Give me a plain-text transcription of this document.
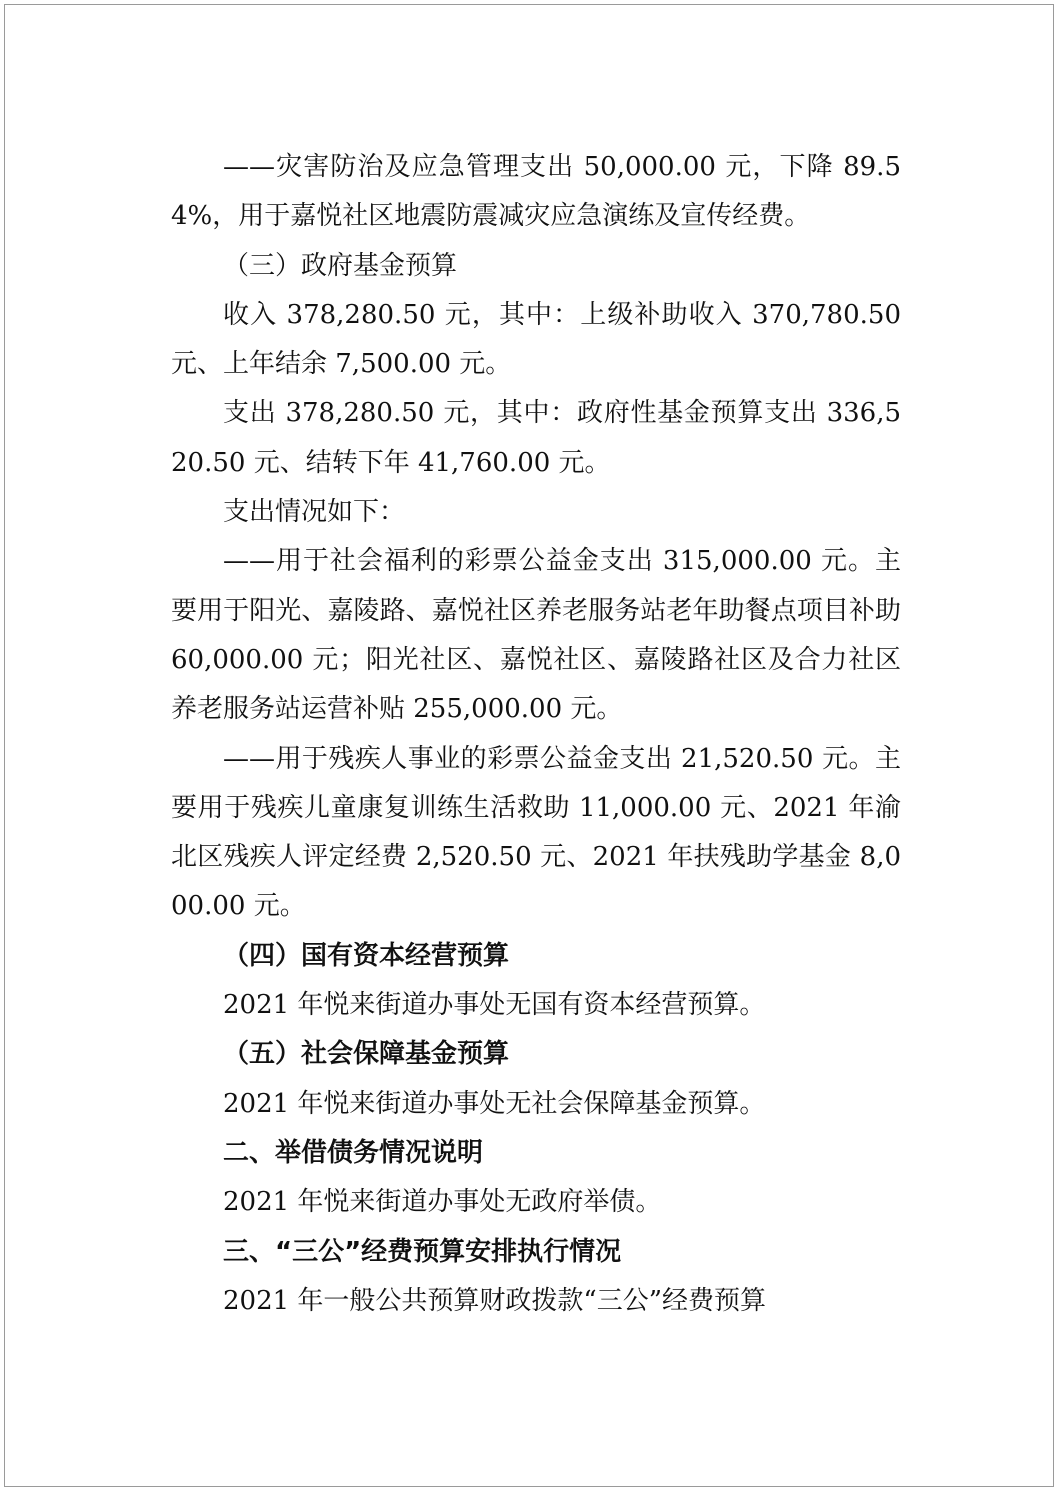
——灾害防治及应急管理支出 50,000.00 元，下降 89.54%，用于嘉悦社区地震防震减灾应急演练及宣传经费。

（三）政府基金预算

收入 378,280.50 元，其中：上级补助收入 370,780.50 元、上年结余 7,500.00 元。

支出 378,280.50 元，其中：政府性基金预算支出 336,520.50 元、结转下年 41,760.00 元。

支出情况如下：

——用于社会福利的彩票公益金支出 315,000.00 元。主要用于阳光、嘉陵路、嘉悦社区养老服务站老年助餐点项目补助 60,000.00 元；阳光社区、嘉悦社区、嘉陵路社区及合力社区养老服务站运营补贴 255,000.00 元。

——用于残疾人事业的彩票公益金支出 21,520.50 元。主要用于残疾儿童康复训练生活救助 11,000.00 元、2021 年渝北区残疾人评定经费 2,520.50 元、2021 年扶残助学基金 8,000.00 元。

（四）国有资本经营预算

2021 年悦来街道办事处无国有资本经营预算。

（五）社会保障基金预算

2021 年悦来街道办事处无社会保障基金预算。

二、举借债务情况说明

2021 年悦来街道办事处无政府举债。

三、“三公”经费预算安排执行情况

2021 年一般公共预算财政拨款“三公”经费预算
